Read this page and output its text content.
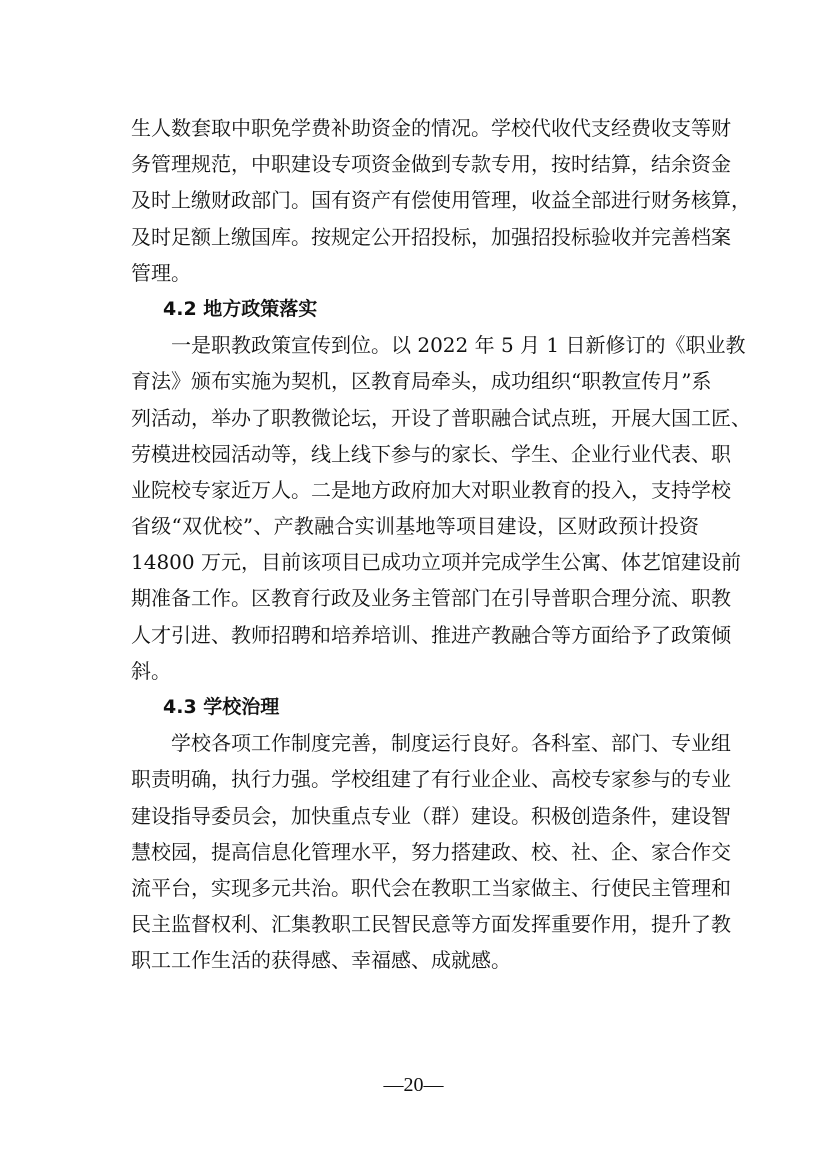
生人数套取中职免学费补助资金的情况。学校代收代支经费收支等财
务管理规范，中职建设专项资金做到专款专用，按时结算，结余资金
及时上缴财政部门。国有资产有偿使用管理，收益全部进行财务核算，
及时足额上缴国库。按规定公开招投标，加强招投标验收并完善档案
管理。
4.2 地方政策落实
一是职教政策宣传到位。以 2022 年 5 月 1 日新修订的《职业教
育法》颁布实施为契机，区教育局牵头，成功组织“职教宣传月”系
列活动，举办了职教微论坛，开设了普职融合试点班，开展大国工匠、
劳模进校园活动等，线上线下参与的家长、学生、企业行业代表、职
业院校专家近万人。二是地方政府加大对职业教育的投入，支持学校
省级“双优校”、产教融合实训基地等项目建设，区财政预计投资
14800 万元，目前该项目已成功立项并完成学生公寓、体艺馆建设前
期准备工作。区教育行政及业务主管部门在引导普职合理分流、职教
人才引进、教师招聘和培养培训、推进产教融合等方面给予了政策倾
斜。
4.3 学校治理
学校各项工作制度完善，制度运行良好。各科室、部门、专业组
职责明确，执行力强。学校组建了有行业企业、高校专家参与的专业
建设指导委员会，加快重点专业（群）建设。积极创造条件，建设智
慧校园，提高信息化管理水平，努力搭建政、校、社、企、家合作交
流平台，实现多元共治。职代会在教职工当家做主、行使民主管理和
民主监督权利、汇集教职工民智民意等方面发挥重要作用，提升了教
职工工作生活的获得感、幸福感、成就感。
—20—
